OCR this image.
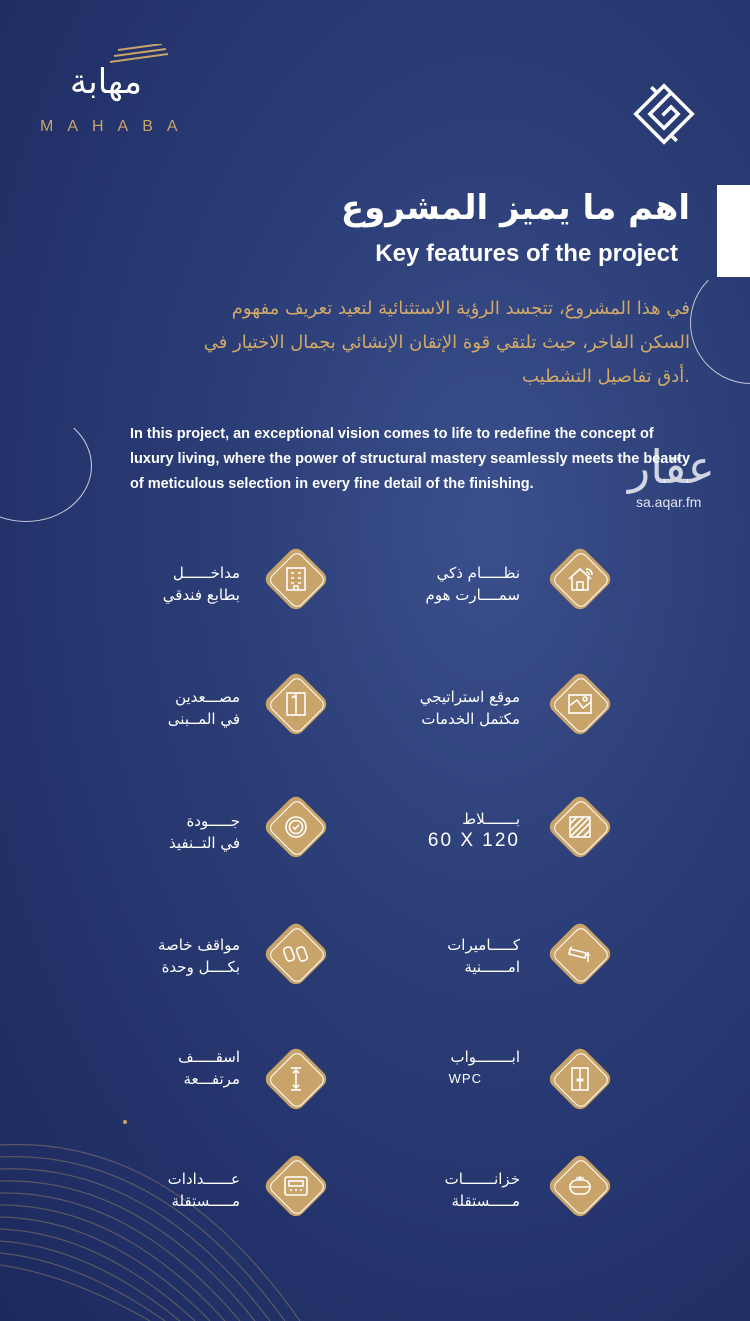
مهابة
MAHABA
اهم ما يميز المشروع
Key features of the project
في هذا المشروع، تتجسد الرؤية الاستثنائية لتعيد تعريف مفهوم
السكن الفاخر، حيث تلتقي قوة الإتقان الإنشائي بجمال الاختيار في
.أدق تفاصيل التشطيب
In this project, an exceptional vision comes to life to redefine the concept of luxury living, where the power of structural mastery seamlessly meets the beauty of meticulous selection in every fine detail of the finishing.	عقار
sa.aqar.fm
نظـــــام ذكي
سمــــارت هوم
مداخــــــل
بطابع فندقي
موقع استراتيجي
مكتمل الخدمات
مصـــعدين
في المــبنى
بـــــــلاط
60 X 120
جـــــودة
في التــنفيذ
كـــــاميرات
امــــــنية
مواقف خاصة
بكــــل وحدة
ابــــــــواب
WPC
اسقـــــف
مرتفـــعة
خزانـــــــات
مـــــستقلة
عــــــدادات
مـــــستقلة
